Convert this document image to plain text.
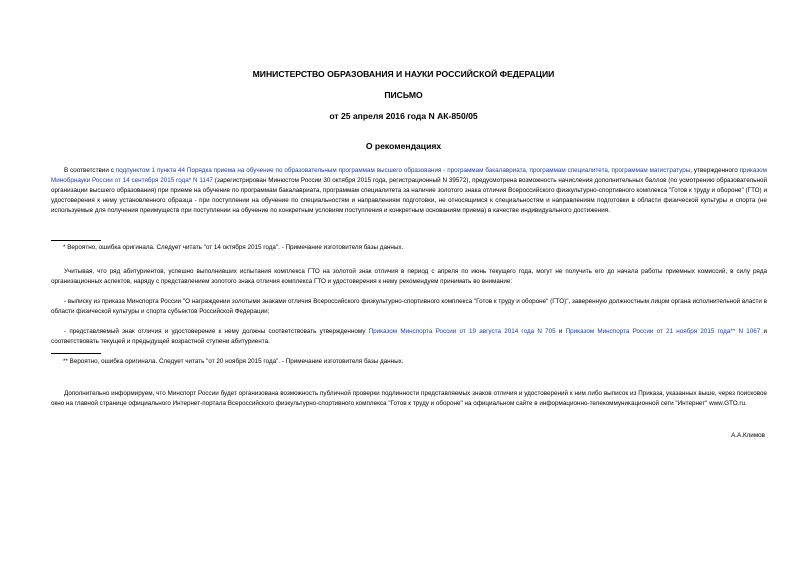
МИНИСТЕРСТВО ОБРАЗОВАНИЯ И НАУКИ РОССИЙСКОЙ ФЕДЕРАЦИИ
ПИСЬМО
от 25 апреля 2016 года N АК-850/05
О рекомендациях

В соответствии с подпунктом 1 пункта 44 Порядка приема на обучение по образовательным программам высшего образования - программам бакалавриата, программам специалитета, программам магистратуры, утвержденного приказом Минобрнауки России от 14 сентября 2015 года* N 1147 (зарегистрирован Минюстом России 30 октября 2015 года, регистрационный N 39572), предусмотрена возможность начисления дополнительных баллов (по усмотрению образовательной организации высшего образования) при приеме на обучение по программам бакалавриата, программам специалитета за наличие золотого знака отличия Всероссийского физкультурно-спортивного комплекса "Готов к труду и обороне" (ГТО) и удостоверения к нему установленного образца - при поступлении на обучение по специальностям и направлениям подготовки, не относящимся к специальностям и направлениям подготовки в области физической культуры и спорта (не используемые для получения преимуществ при поступлении на обучение по конкретным условиям поступления и конкретным основаниям приема) в качестве индивидуального достижения.

* Вероятно, ошибка оригинала. Следует читать "от 14 октября 2015 года". - Примечание изготовителя базы данных.

Учитывая, что ряд абитуриентов, успешно выполнивших испытания комплекса ГТО на золотой знак отличия в период с апреля по июнь текущего года, могут не получить его до начала работы приемных комиссий, в силу ряда организационных аспектов, наряду с представлением золотого знака отличия комплекса ГТО и удостоверения к нему рекомендуем принимать во внимание:

- выписку из приказа Минспорта России "О награждении золотыми знаками отличия Всероссийского физкультурно-спортивного комплекса "Готов к труду и обороне" (ГТО)", заверенную должностным лицом органа исполнительной власти в области физической культуры и спорта субъектов Российской Федерации;

- представляемый знак отличия и удостоверение к нему должны соответствовать утвержденному Приказом Минспорта России от 19 августа 2014 года N 705 и Приказом Минспорта России от 21 ноября 2015 года** N 1067 и соответствовать текущей и предыдущей возрастной ступени абитуриента.

** Вероятно, ошибка оригинала. Следует читать "от 20 ноября 2015 года". - Примечание изготовителя базы данных.

Дополнительно информируем, что Минспорт России будет организована возможность публичной проверки подлинности представляемых знаков отличия и удостоверений к ним либо выписок из Приказа, указанных выше, через поисковое окно на главной странице официального Интернет-портала Всероссийского физкультурно-спортивного комплекса "Готов к труду и обороне" на официальном сайте в информационно-телекоммуникационной сети "Интернет" www.GTO.ru.

А.А.Климов
